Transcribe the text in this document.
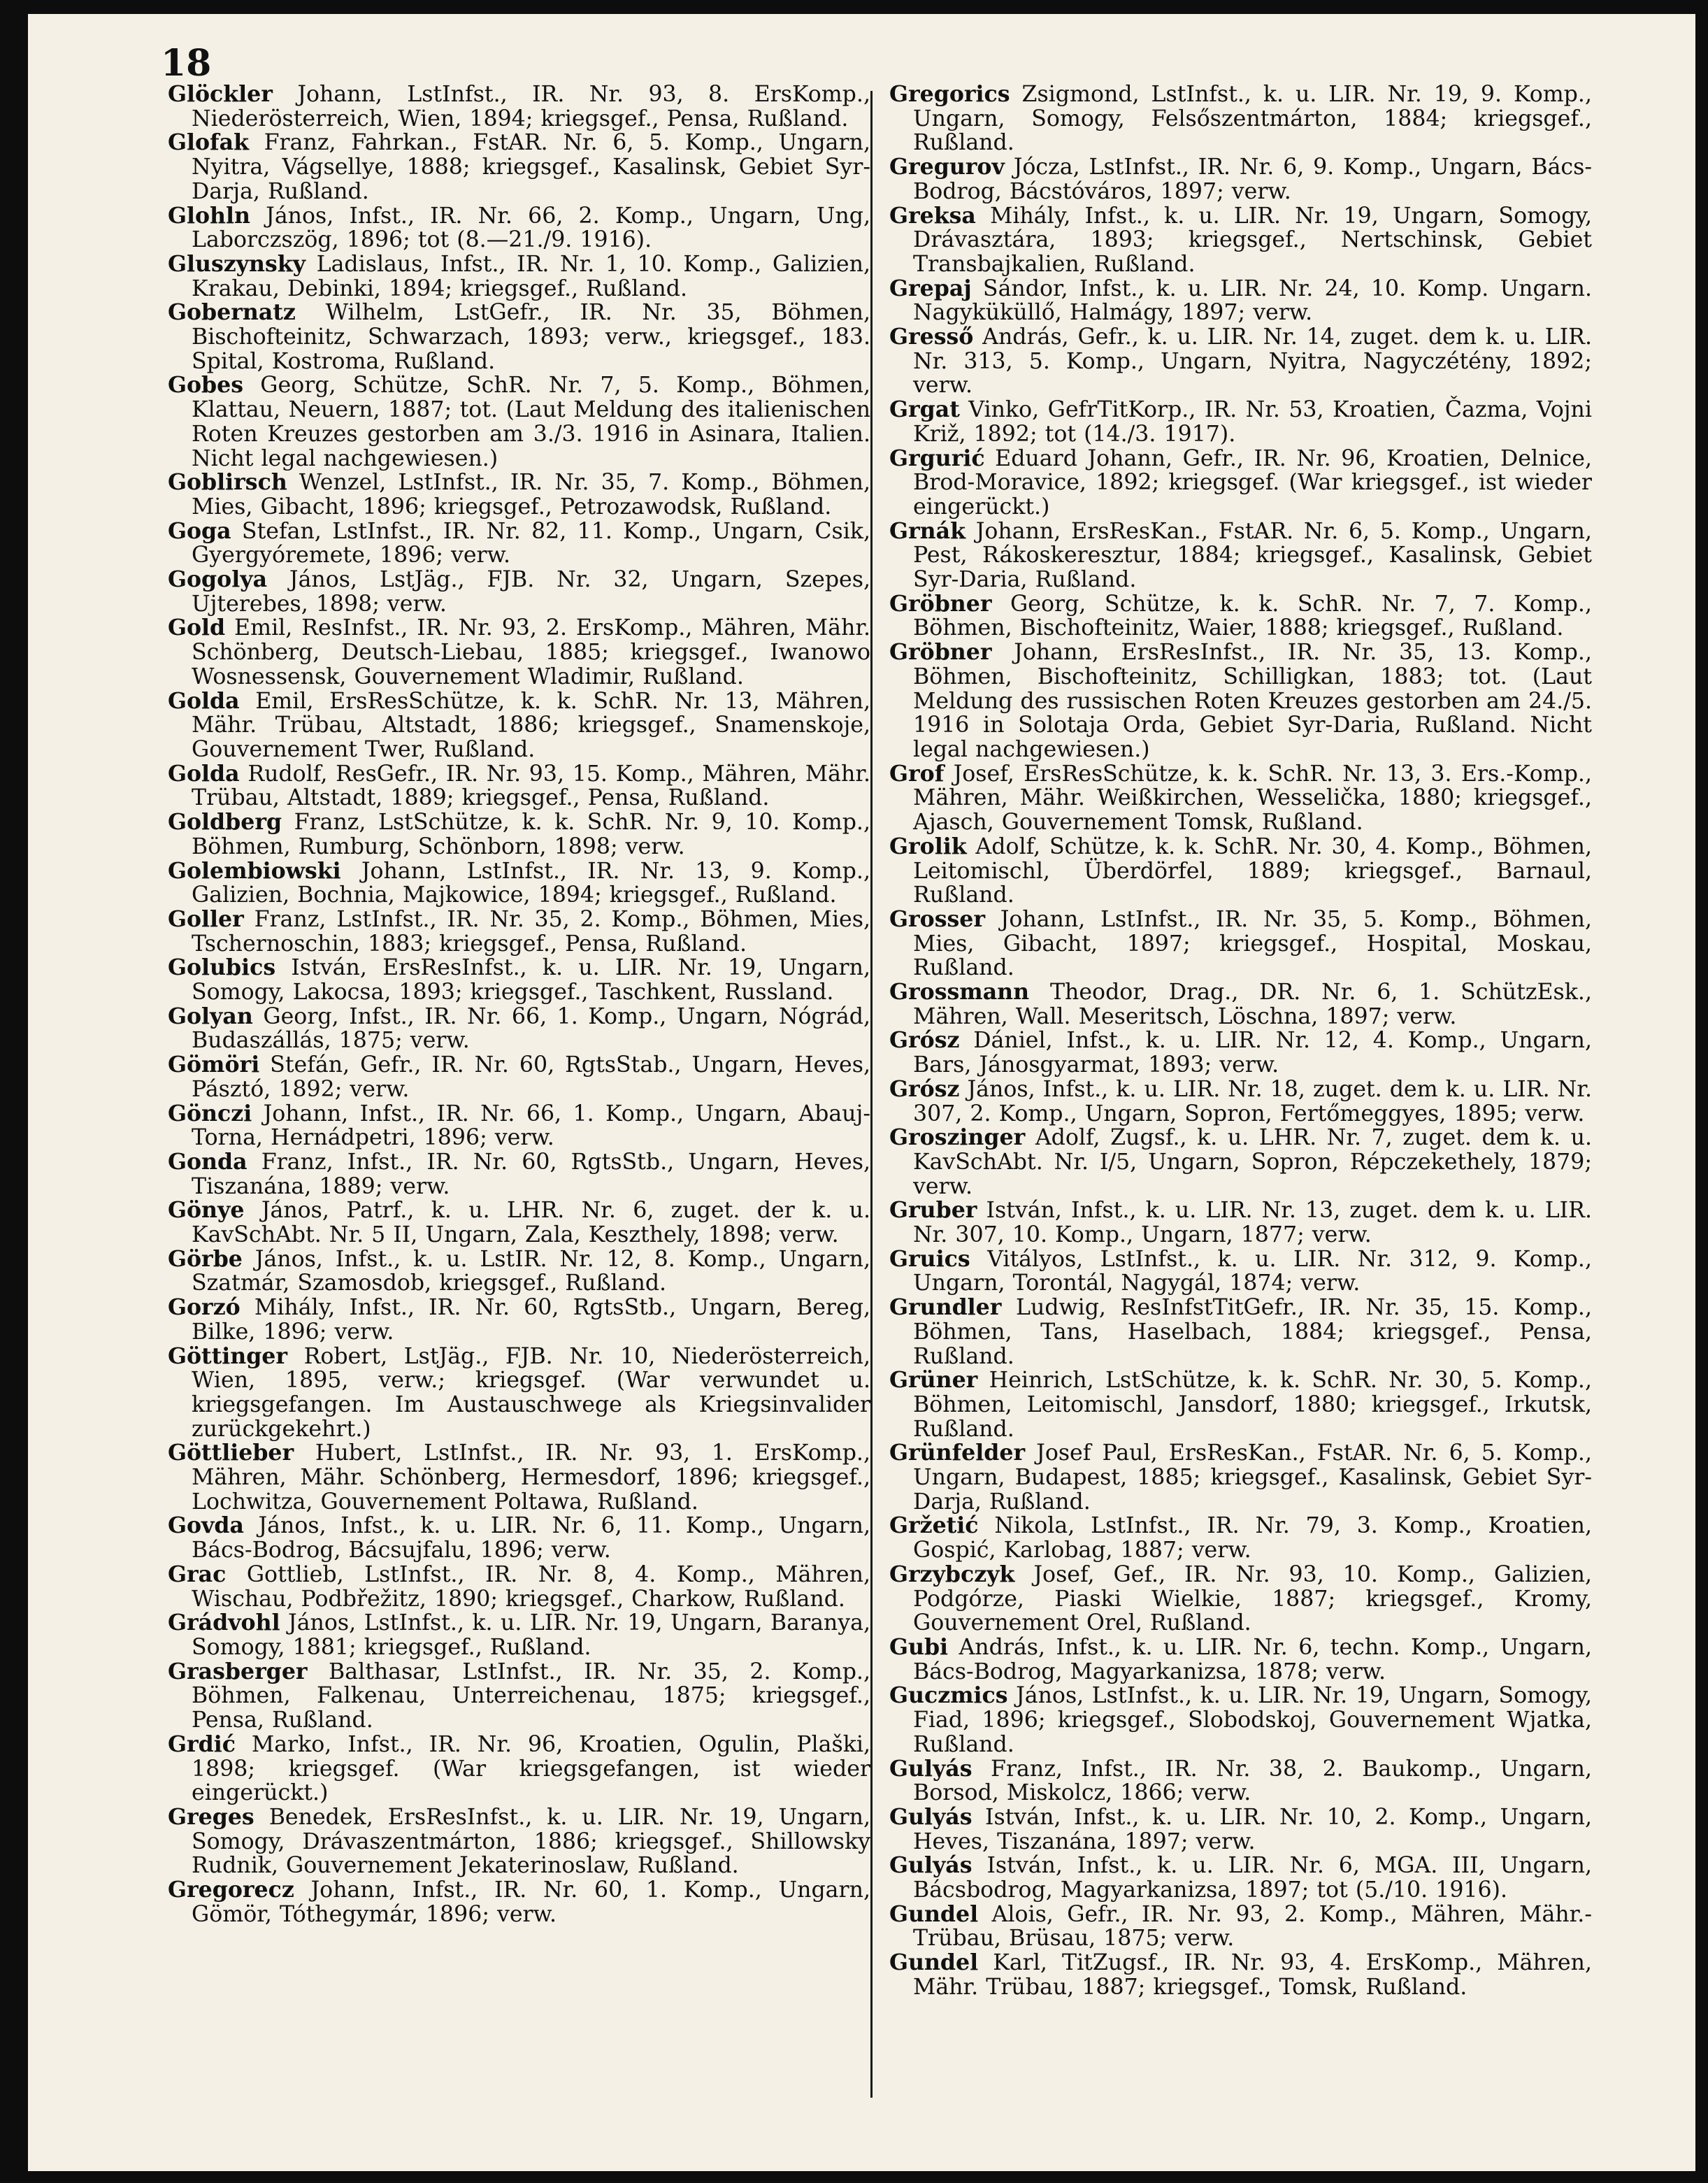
18

Glöckler Johann, LstInfst., IR. Nr. 93, 8. ErsKomp., Niederösterreich, Wien, 1894; kriegsgef., Pensa, Rußland.

Glofak Franz, Fahrkan., FstAR. Nr. 6, 5. Komp., Ungarn, Nyitra, Vágsellye, 1888; kriegsgef., Kasalinsk, Gebiet Syr-Darja, Rußland.

Glohln János, Infst., IR. Nr. 66, 2. Komp., Ungarn, Ung, Laborczszög, 1896; tot (8.—21./9. 1916).

Gluszynsky Ladislaus, Infst., IR. Nr. 1, 10. Komp., Galizien, Krakau, Debinki, 1894; kriegsgef., Rußland.

Gobernatz Wilhelm, LstGefr., IR. Nr. 35, Böhmen, Bischofteinitz, Schwarzach, 1893; verw., kriegsgef., 183. Spital, Kostroma, Rußland.

Gobes Georg, Schütze, SchR. Nr. 7, 5. Komp., Böhmen, Klattau, Neuern, 1887; tot. (Laut Meldung des italienischen Roten Kreuzes gestorben am 3./3. 1916 in Asinara, Italien. Nicht legal nachgewiesen.)

Goblirsch Wenzel, LstInfst., IR. Nr. 35, 7. Komp., Böhmen, Mies, Gibacht, 1896; kriegsgef., Petrozawodsk, Rußland.

Goga Stefan, LstInfst., IR. Nr. 82, 11. Komp., Ungarn, Csik, Gyergyóremete, 1896; verw.

Gogolya János, LstJäg., FJB. Nr. 32, Ungarn, Szepes, Ujterebes, 1898; verw.

Gold Emil, ResInfst., IR. Nr. 93, 2. ErsKomp., Mähren, Mähr. Schönberg, Deutsch-Liebau, 1885; kriegsgef., Iwanowo Wosnessensk, Gouvernement Wladimir, Rußland.

Golda Emil, ErsResSchütze, k. k. SchR. Nr. 13, Mähren, Mähr. Trübau, Altstadt, 1886; kriegsgef., Snamenskoje, Gouvernement Twer, Rußland.

Golda Rudolf, ResGefr., IR. Nr. 93, 15. Komp., Mähren, Mähr. Trübau, Altstadt, 1889; kriegsgef., Pensa, Rußland.

Goldberg Franz, LstSchütze, k. k. SchR. Nr. 9, 10. Komp., Böhmen, Rumburg, Schönborn, 1898; verw.

Golembiowski Johann, LstInfst., IR. Nr. 13, 9. Komp., Galizien, Bochnia, Majkowice, 1894; kriegsgef., Rußland.

Goller Franz, LstInfst., IR. Nr. 35, 2. Komp., Böhmen, Mies, Tschernoschin, 1883; kriegsgef., Pensa, Rußland.

Golubics István, ErsResInfst., k. u. LIR. Nr. 19, Ungarn, Somogy, Lakocsa, 1893; kriegsgef., Taschkent, Russland.

Golyan Georg, Infst., IR. Nr. 66, 1. Komp., Ungarn, Nógrád, Budaszállás, 1875; verw.

Gömöri Stefán, Gefr., IR. Nr. 60, RgtsStab., Ungarn, Heves, Pásztó, 1892; verw.

Gönczi Johann, Infst., IR. Nr. 66, 1. Komp., Ungarn, Abauj-Torna, Hernádpetri, 1896; verw.

Gonda Franz, Infst., IR. Nr. 60, RgtsStb., Ungarn, Heves, Tiszanána, 1889; verw.

Gönye János, Patrf., k. u. LHR. Nr. 6, zuget. der k. u. KavSchAbt. Nr. 5 II, Ungarn, Zala, Keszthely, 1898; verw.

Görbe János, Infst., k. u. LstIR. Nr. 12, 8. Komp., Ungarn, Szatmár, Szamosdob, kriegsgef., Rußland.

Gorzó Mihály, Infst., IR. Nr. 60, RgtsStb., Ungarn, Bereg, Bilke, 1896; verw.

Göttinger Robert, LstJäg., FJB. Nr. 10, Niederösterreich, Wien, 1895, verw.; kriegsgef. (War verwundet u. kriegsgefangen. Im Austauschwege als Kriegsinvalider zurückgekehrt.)

Göttlieber Hubert, LstInfst., IR. Nr. 93, 1. ErsKomp., Mähren, Mähr. Schönberg, Hermesdorf, 1896; kriegsgef., Lochwitza, Gouvernement Poltawa, Rußland.

Govda János, Infst., k. u. LIR. Nr. 6, 11. Komp., Ungarn, Bács-Bodrog, Bácsujfalu, 1896; verw.

Grac Gottlieb, LstInfst., IR. Nr. 8, 4. Komp., Mähren, Wischau, Podbřežitz, 1890; kriegsgef., Charkow, Rußland.

Grádvohl János, LstInfst., k. u. LIR. Nr. 19, Ungarn, Baranya, Somogy, 1881; kriegsgef., Rußland.

Grasberger Balthasar, LstInfst., IR. Nr. 35, 2. Komp., Böhmen, Falkenau, Unterreichenau, 1875; kriegsgef., Pensa, Rußland.

Grdić Marko, Infst., IR. Nr. 96, Kroatien, Ogulin, Plaški, 1898; kriegsgef. (War kriegsgefangen, ist wieder eingerückt.)

Greges Benedek, ErsResInfst., k. u. LIR. Nr. 19, Ungarn, Somogy, Drávaszentmárton, 1886; kriegsgef., Shillowsky Rudnik, Gouvernement Jekaterinoslaw, Rußland.

Gregorecz Johann, Infst., IR. Nr. 60, 1. Komp., Ungarn, Gömör, Tóthegymár, 1896; verw.

Gregorics Zsigmond, LstInfst., k. u. LIR. Nr. 19, 9. Komp., Ungarn, Somogy, Felsőszentmárton, 1884; kriegsgef., Rußland.

Gregurov Jócza, LstInfst., IR. Nr. 6, 9. Komp., Ungarn, Bács-Bodrog, Bácstóváros, 1897; verw.

Greksa Mihály, Infst., k. u. LIR. Nr. 19, Ungarn, Somogy, Drávasztára, 1893; kriegsgef., Nertschinsk, Gebiet Transbajkalien, Rußland.

Grepaj Sándor, Infst., k. u. LIR. Nr. 24, 10. Komp. Ungarn. Nagyküküllő, Halmágy, 1897; verw.

Gresső András, Gefr., k. u. LIR. Nr. 14, zuget. dem k. u. LIR. Nr. 313, 5. Komp., Ungarn, Nyitra, Nagyczétény, 1892; verw.

Grgat Vinko, GefrTitKorp., IR. Nr. 53, Kroatien, Čazma, Vojni Križ, 1892; tot (14./3. 1917).

Grgurić Eduard Johann, Gefr., IR. Nr. 96, Kroatien, Delnice, Brod-Moravice, 1892; kriegsgef. (War kriegsgef., ist wieder eingerückt.)

Grnák Johann, ErsResKan., FstAR. Nr. 6, 5. Komp., Ungarn, Pest, Rákoskeresztur, 1884; kriegsgef., Kasalinsk, Gebiet Syr-Daria, Rußland.

Gröbner Georg, Schütze, k. k. SchR. Nr. 7, 7. Komp., Böhmen, Bischofteinitz, Waier, 1888; kriegsgef., Rußland.

Gröbner Johann, ErsResInfst., IR. Nr. 35, 13. Komp., Böhmen, Bischofteinitz, Schilligkan, 1883; tot. (Laut Meldung des russischen Roten Kreuzes gestorben am 24./5. 1916 in Solotaja Orda, Gebiet Syr-Daria, Rußland. Nicht legal nachgewiesen.)

Grof Josef, ErsResSchütze, k. k. SchR. Nr. 13, 3. Ers.-Komp., Mähren, Mähr. Weißkirchen, Wesselička, 1880; kriegsgef., Ajasch, Gouvernement Tomsk, Rußland.

Grolik Adolf, Schütze, k. k. SchR. Nr. 30, 4. Komp., Böhmen, Leitomischl, Überdörfel, 1889; kriegsgef., Barnaul, Rußland.

Grosser Johann, LstInfst., IR. Nr. 35, 5. Komp., Böhmen, Mies, Gibacht, 1897; kriegsgef., Hospital, Moskau, Rußland.

Grossmann Theodor, Drag., DR. Nr. 6, 1. SchützEsk., Mähren, Wall. Meseritsch, Löschna, 1897; verw.

Grósz Dániel, Infst., k. u. LIR. Nr. 12, 4. Komp., Ungarn, Bars, Jánosgyarmat, 1893; verw.

Grósz János, Infst., k. u. LIR. Nr. 18, zuget. dem k. u. LIR. Nr. 307, 2. Komp., Ungarn, Sopron, Fertőmeggyes, 1895; verw.

Groszinger Adolf, Zugsf., k. u. LHR. Nr. 7, zuget. dem k. u. KavSchAbt. Nr. I/5, Ungarn, Sopron, Répczekethely, 1879; verw.

Gruber István, Infst., k. u. LIR. Nr. 13, zuget. dem k. u. LIR. Nr. 307, 10. Komp., Ungarn, 1877; verw.

Gruics Vitályos, LstInfst., k. u. LIR. Nr. 312, 9. Komp., Ungarn, Torontál, Nagygál, 1874; verw.

Grundler Ludwig, ResInfstTitGefr., IR. Nr. 35, 15. Komp., Böhmen, Tans, Haselbach, 1884; kriegsgef., Pensa, Rußland.

Grüner Heinrich, LstSchütze, k. k. SchR. Nr. 30, 5. Komp., Böhmen, Leitomischl, Jansdorf, 1880; kriegsgef., Irkutsk, Rußland.

Grünfelder Josef Paul, ErsResKan., FstAR. Nr. 6, 5. Komp., Ungarn, Budapest, 1885; kriegsgef., Kasalinsk, Gebiet Syr-Darja, Rußland.

Gržetić Nikola, LstInfst., IR. Nr. 79, 3. Komp., Kroatien, Gospić, Karlobag, 1887; verw.

Grzybczyk Josef, Gef., IR. Nr. 93, 10. Komp., Galizien, Podgórze, Piaski Wielkie, 1887; kriegsgef., Kromy, Gouvernement Orel, Rußland.

Gubi András, Infst., k. u. LIR. Nr. 6, techn. Komp., Ungarn, Bács-Bodrog, Magyarkanizsa, 1878; verw.

Guczmics János, LstInfst., k. u. LIR. Nr. 19, Ungarn, Somogy, Fiad, 1896; kriegsgef., Slobodskoj, Gouvernement Wjatka, Rußland.

Gulyás Franz, Infst., IR. Nr. 38, 2. Baukomp., Ungarn, Borsod, Miskolcz, 1866; verw.

Gulyás István, Infst., k. u. LIR. Nr. 10, 2. Komp., Ungarn, Heves, Tiszanána, 1897; verw.

Gulyás István, Infst., k. u. LIR. Nr. 6, MGA. III, Ungarn, Bácsbodrog, Magyarkanizsa, 1897; tot (5./10. 1916).

Gundel Alois, Gefr., IR. Nr. 93, 2. Komp., Mähren, Mähr.-Trübau, Brüsau, 1875; verw.

Gundel Karl, TitZugsf., IR. Nr. 93, 4. ErsKomp., Mähren, Mähr. Trübau, 1887; kriegsgef., Tomsk, Rußland.
